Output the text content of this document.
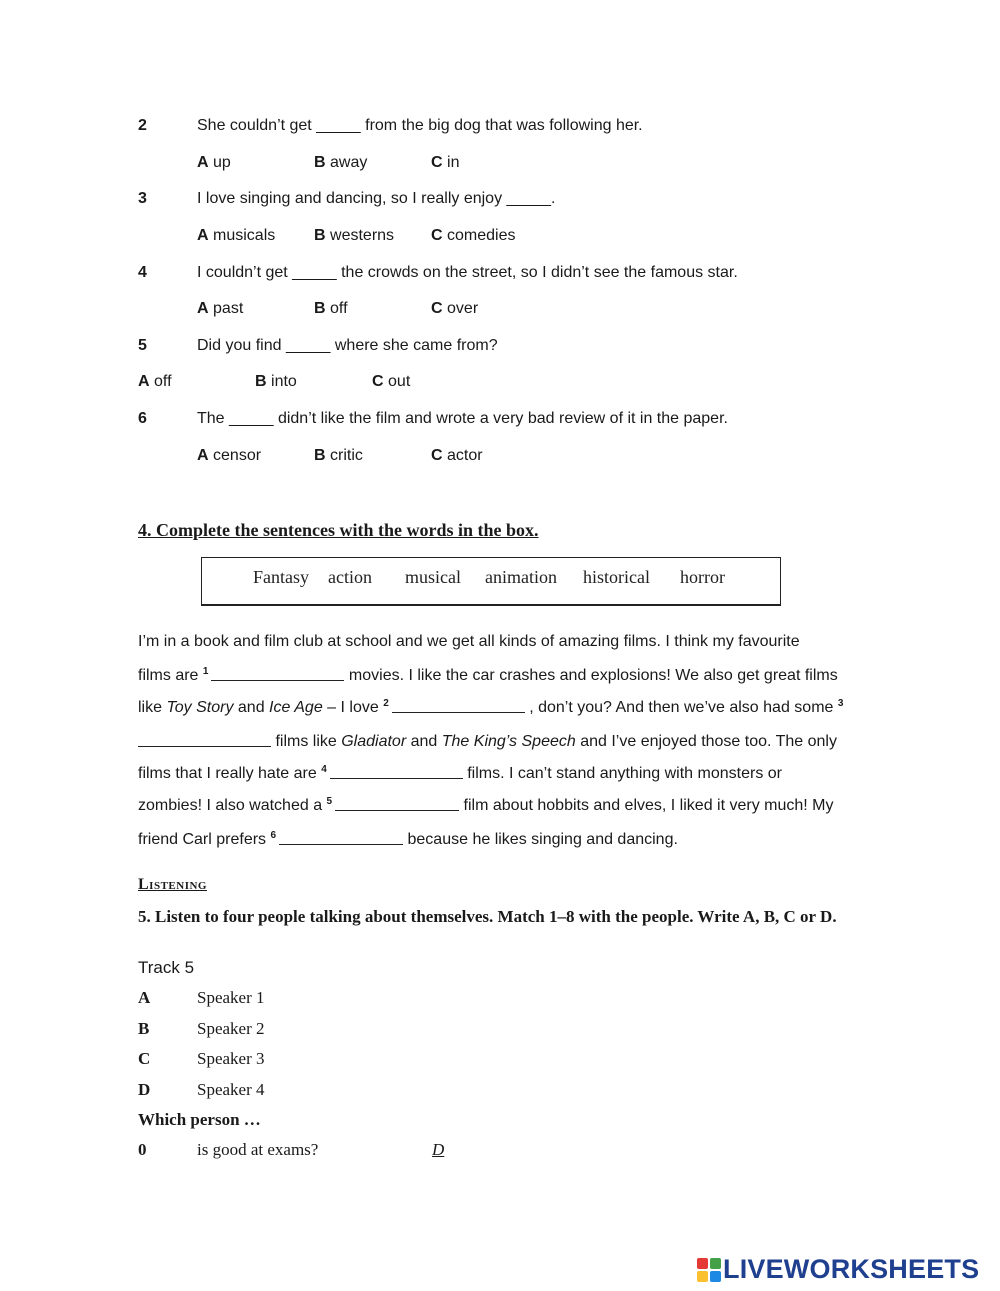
2	She couldn’t get _____ from the big dog that was following her.
A up	B away	C in
3	I love singing and dancing, so I really enjoy _____.
A musicals B westerns C comedies
4	I couldn’t get _____ the crowds on the street, so I didn’t see the famous star.
A past	B off	C over
5	Did you find _____ where she came from?
A off	B into	C out
6	The _____ didn’t like the film and wrote a very bad review of it in the paper.
A censor	B critic	C actor
4. Complete the sentences with the words in the box.
Fantasy action musical animation historical horror
I’m in a book and film club at school and we get all kinds of amazing films. I think my favourite
films are $^1$	movies. I like the car crashes and explosions! We also get great films
like Toy Story and Ice Age – I love $^2$	, don’t you? And then we’ve also had some $^3$
films like Gladiator and The King’s Speech and I’ve enjoyed those too. The only
films that I really hate are $^4$	films. I can’t stand anything with monsters or
zombies! I also watched a $^5$	film about hobbits and elves, I liked it very much! My
friend Carl prefers $^6$	because he likes singing and dancing.
Listening
5. Listen to four people talking about themselves. Match 1–8 with the people. Write A, B, C or D.
Track 5
A	Speaker 1
B	Speaker 2
C	Speaker 3
D	Speaker 4
Which person …
0	is good at exams?	D
LIVEWORKSHEETS
